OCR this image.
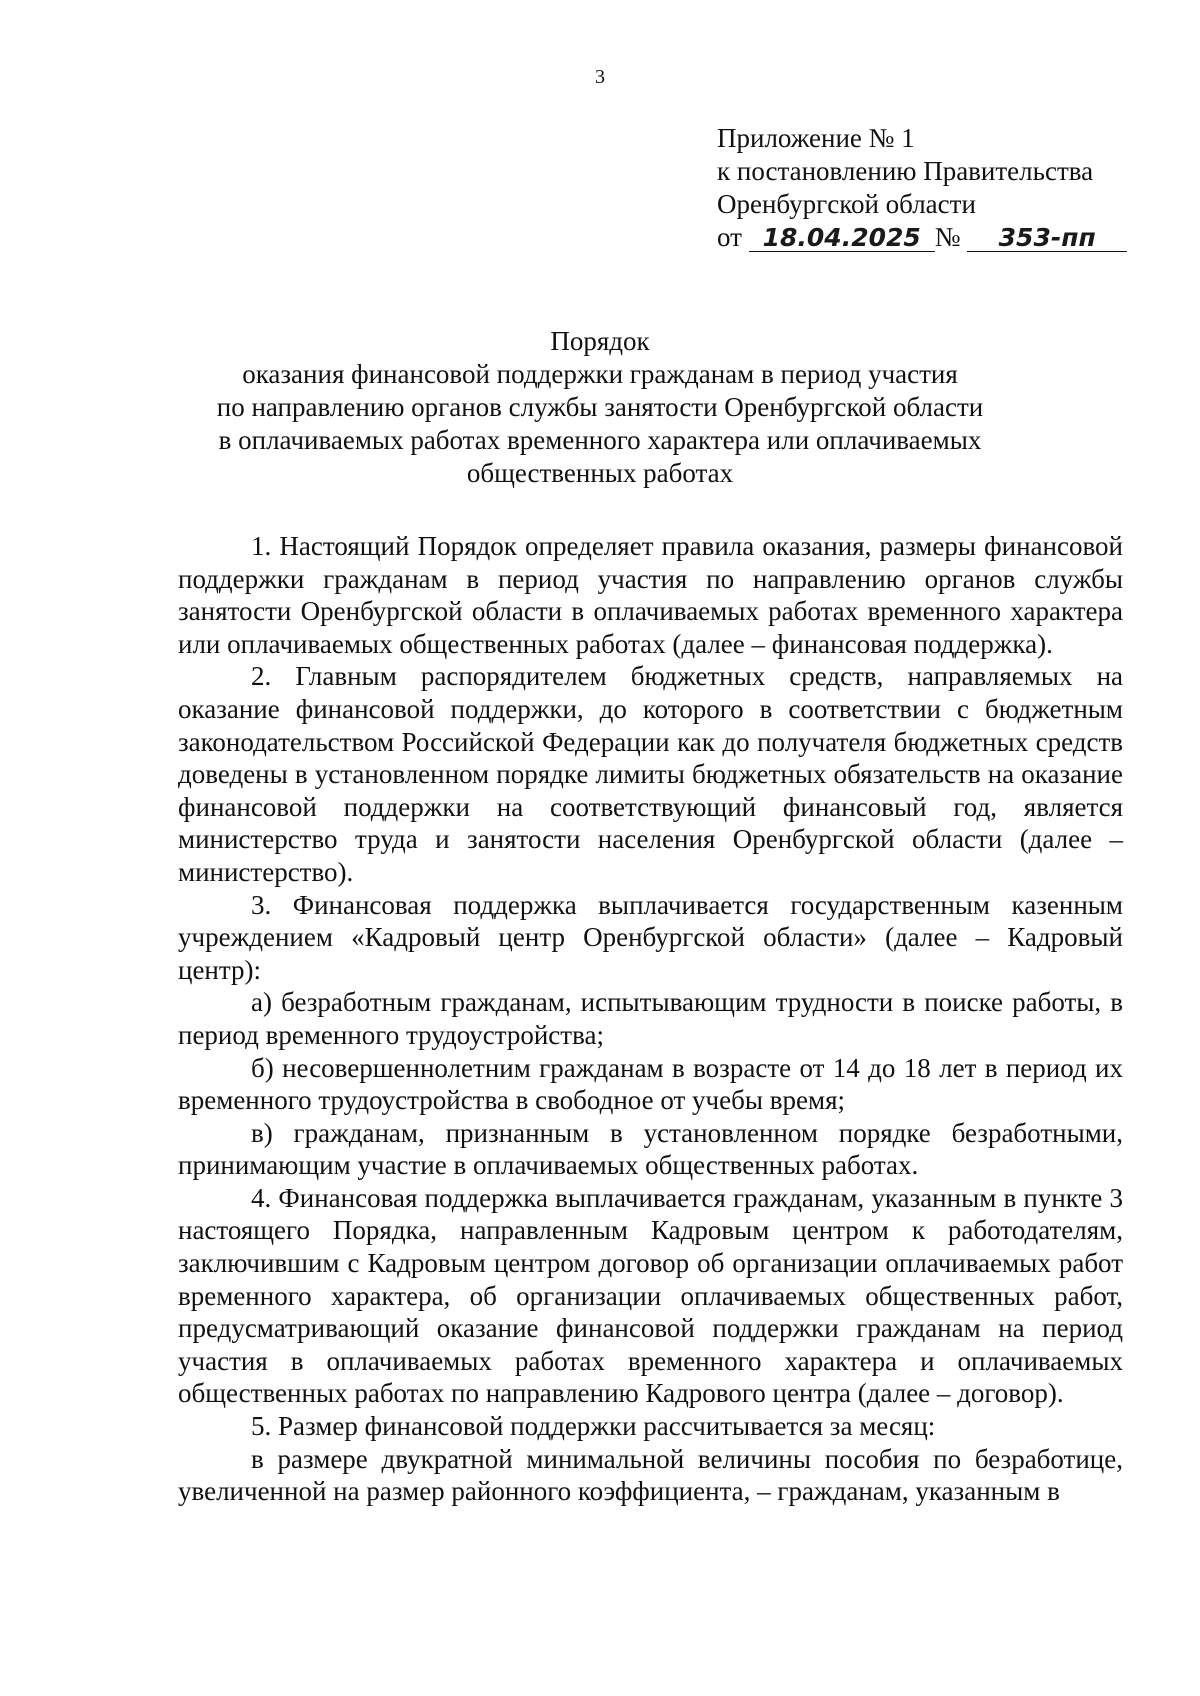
3
Приложение № 1
к постановлению Правительства
Оренбургской области
от 18.04.2025 № 353-пп
Порядок
оказания финансовой поддержки гражданам в период участия
по направлению органов службы занятости Оренбургской области
в оплачиваемых работах временного характера или оплачиваемых
общественных работах

1. Настоящий Порядок определяет правила оказания, размеры финансовой поддержки гражданам в период участия по направлению органов службы занятости Оренбургской области в оплачиваемых работах временного характера или оплачиваемых общественных работах (далее – финансовая поддержка).

2. Главным распорядителем бюджетных средств, направляемых на оказание финансовой поддержки, до которого в соответствии с бюджетным законодательством Российской Федерации как до получателя бюджетных средств доведены в установленном порядке лимиты бюджетных обязательств на оказание финансовой поддержки на соответствующий финансовый год, является министерство труда и занятости населения Оренбургской области (далее – министерство).

3. Финансовая поддержка выплачивается государственным казенным учреждением «Кадровый центр Оренбургской области» (далее – Кадровый центр):

а) безработным гражданам, испытывающим трудности в поиске работы, в период временного трудоустройства;

б) несовершеннолетним гражданам в возрасте от 14 до 18 лет в период их временного трудоустройства в свободное от учебы время;

в) гражданам, признанным в установленном порядке безработными, принимающим участие в оплачиваемых общественных работах.

4. Финансовая поддержка выплачивается гражданам, указанным в пункте 3 настоящего Порядка, направленным Кадровым центром к работодателям, заключившим с Кадровым центром договор об организации оплачиваемых работ временного характера, об организации оплачиваемых общественных работ, предусматривающий оказание финансовой поддержки гражданам на период участия в оплачиваемых работах временного характера и оплачиваемых общественных работах по направлению Кадрового центра (далее – договор).

5. Размер финансовой поддержки рассчитывается за месяц:

в размере двукратной минимальной величины пособия по безработице, увеличенной на размер районного коэффициента, – гражданам, указанным в
